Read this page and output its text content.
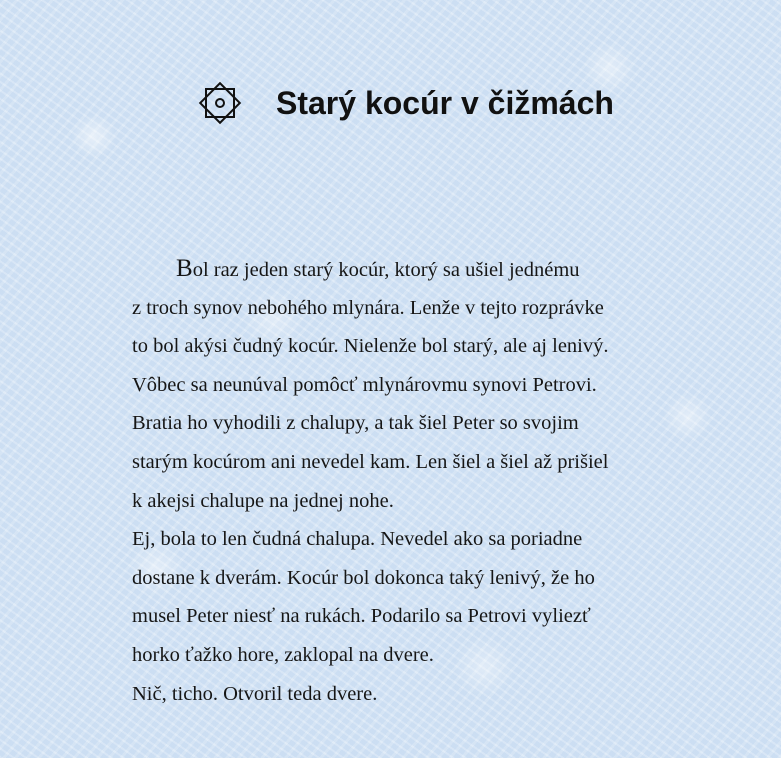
Starý kocúr v čižmách
Bol raz jeden starý kocúr, ktorý sa ušiel jednému
z troch synov nebohého mlynára. Lenže v tejto rozprávke
to bol akýsi čudný kocúr. Nielenže bol starý, ale aj lenivý.
Vôbec sa neunúval pomôcť mlynárovmu synovi Petrovi.
Bratia ho vyhodili z chalupy, a tak šiel Peter so svojim
starým kocúrom ani nevedel kam. Len šiel a šiel až prišiel
k akejsi chalupe na jednej nohe.
Ej, bola to len čudná chalupa. Nevedel ako sa poriadne
dostane k dverám. Kocúr bol dokonca taký lenivý, že ho
musel Peter niesť na rukách. Podarilo sa Petrovi vyliezť
horko ťažko hore, zaklopal na dvere.
Nič, ticho. Otvoril teda dvere.
